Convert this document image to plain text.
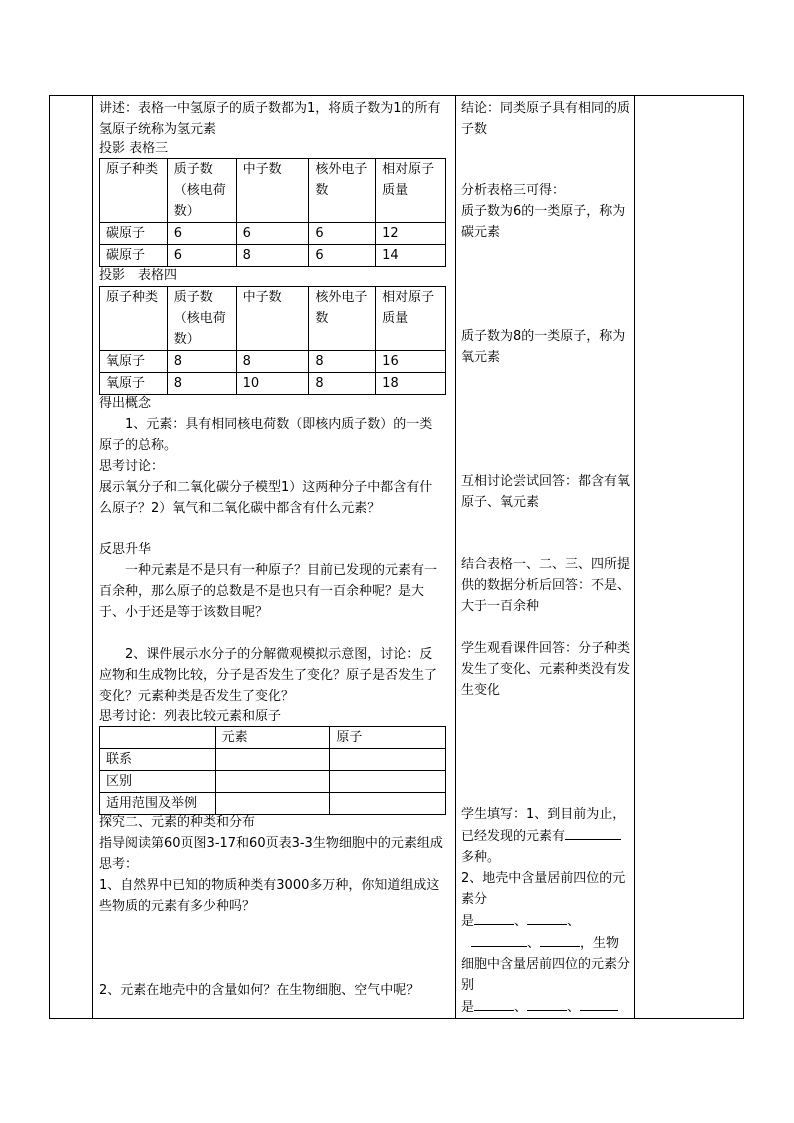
讲述：表格一中氢原子的质子数都为1，将质子数为1的所有氢原子统称为氢元素
投影 表格三
原子种类	质子数（核电荷数）	中子数	核外电子数	相对原子质量
碳原子	6	6	6	12
碳原子	6	8	6	14
投影　表格四
原子种类	质子数（核电荷数）	中子数	核外电子数	相对原子质量
氧原子	8	8	8	16
氧原子	8	10	8	18
得出概念
1、元素：具有相同核电荷数（即核内质子数）的一类原子的总称。
思考讨论：
展示氧分子和二氧化碳分子模型1）这两种分子中都含有什么原子？2）氧气和二氧化碳中都含有什么元素？
反思升华
一种元素是不是只有一种原子？目前已发现的元素有一百余种，那么原子的总数是不是也只有一百余种呢？是大于、小于还是等于该数目呢？
2、课件展示水分子的分解微观模拟示意图，讨论：反应物和生成物比较，分子是否发生了变化？原子是否发生了变化？元素种类是否发生了变化？
思考讨论：列表比较元素和原子
	元素	原子
联系		
区别		
适用范围及举例		
探究二、元素的种类和分布
指导阅读第60页图3-17和60页表3-3生物细胞中的元素组成思考：
1、自然界中已知的物质种类有3000多万种，你知道组成这些物质的元素有多少种吗？
2、元素在地壳中的含量如何？在生物细胞、空气中呢？
结论：同类原子具有相同的质子数
分析表格三可得：
质子数为6的一类原子，称为碳元素
质子数为8的一类原子，称为氧元素
互相讨论尝试回答：都含有氧原子、氧元素
结合表格一、二、三、四所提供的数据分析后回答：不是、大于一百余种
学生观看课件回答：分子种类发生了变化、元素种类没有发生变化
学生填写：1、到目前为止，已经发现的元素有
多种。
2、地壳中含量居前四位的元素分
是	、	、
、	，生物细胞中含量居前四位的元素分别
是	、	、
